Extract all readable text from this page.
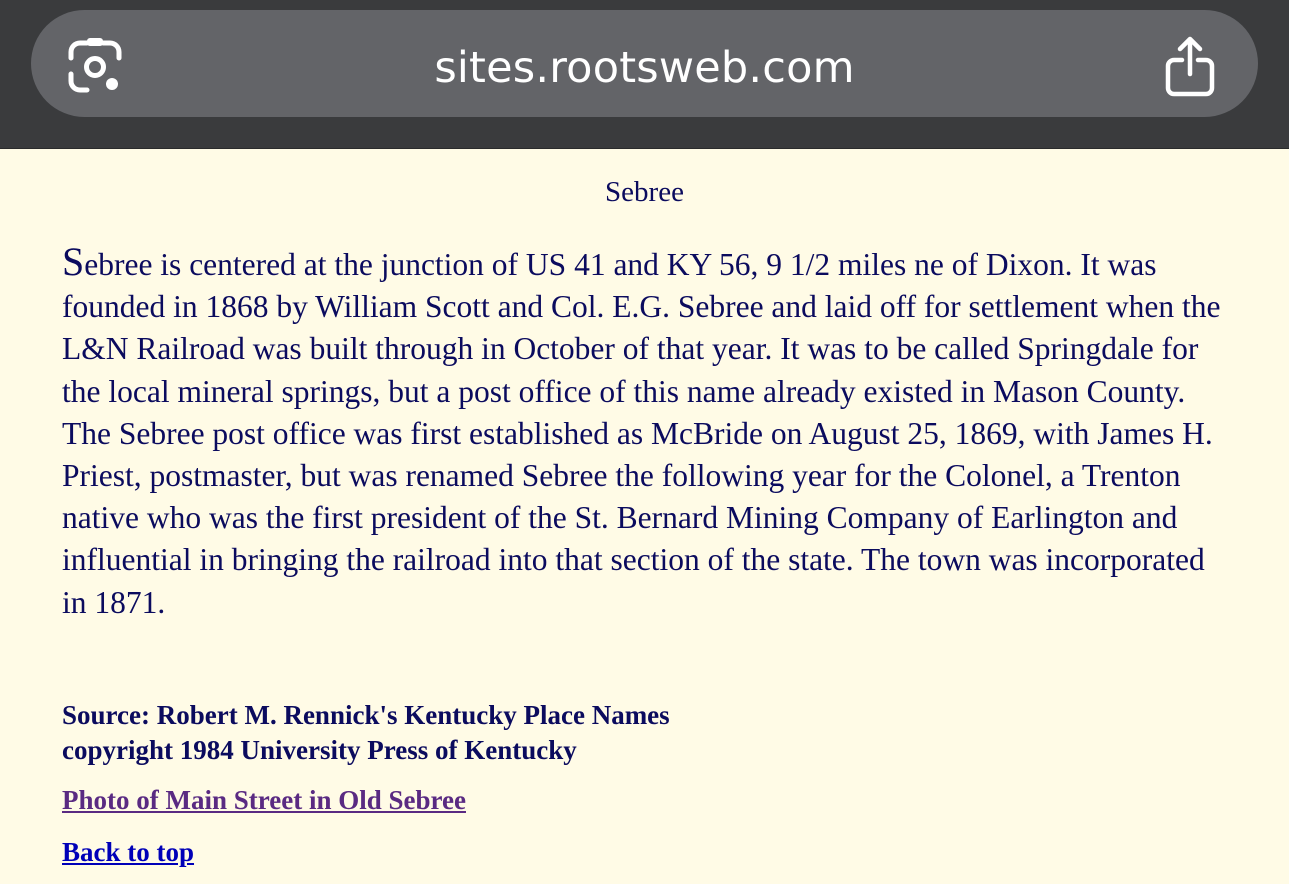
sites.rootsweb.com
Sebree

Sebree is centered at the junction of US 41 and KY 56, 9 1/2 miles ne of Dixon. It was founded in 1868 by William Scott and Col. E.G. Sebree and laid off for settlement when the L&N Railroad was built through in October of that year. It was to be called Springdale for the local mineral springs, but a post office of this name already existed in Mason County. The Sebree post office was first established as McBride on August 25, 1869, with James H. Priest, postmaster, but was renamed Sebree the following year for the Colonel, a Trenton native who was the first president of the St. Bernard Mining Company of Earlington and influential in bringing the railroad into that section of the state. The town was incorporated in 1871.

Source: Robert M. Rennick's Kentucky Place Names
copyright 1984 University Press of Kentucky
Photo of Main Street in Old Sebree
Back to top
